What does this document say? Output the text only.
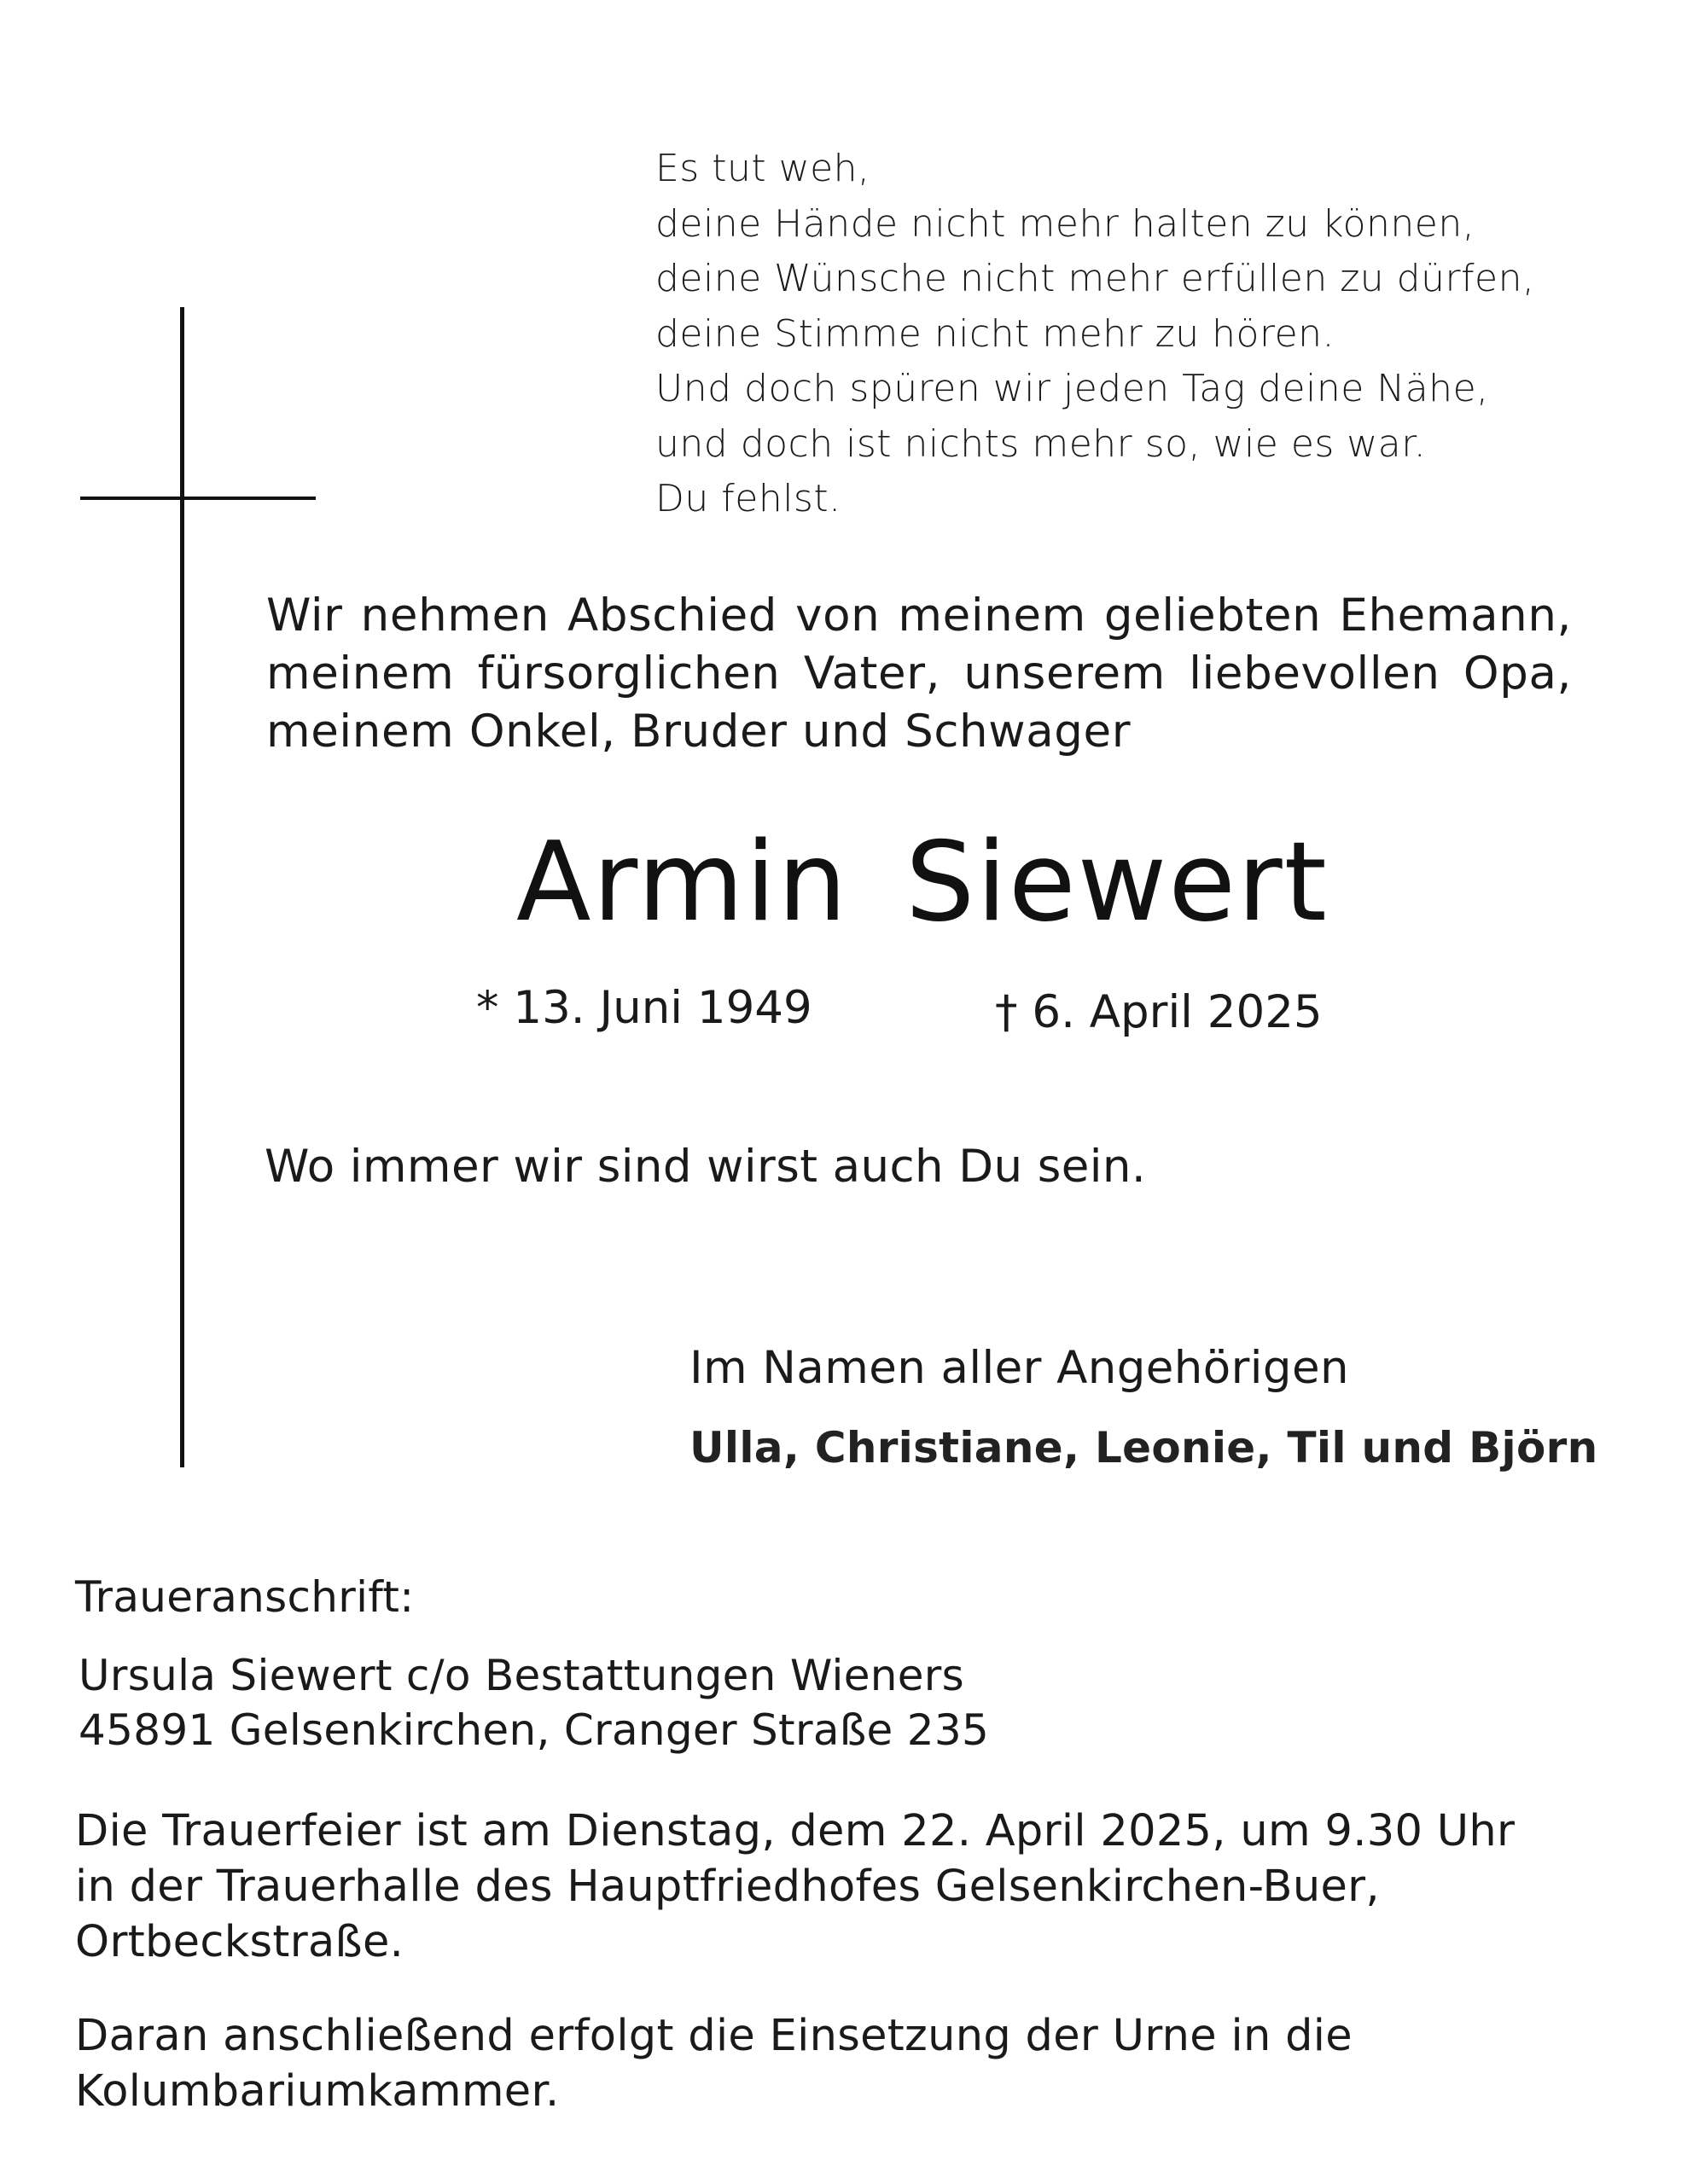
Es tut weh,
deine Hände nicht mehr halten zu können,
deine Wünsche nicht mehr erfüllen zu dürfen,
deine Stimme nicht mehr zu hören.
Und doch spüren wir jeden Tag deine Nähe,
und doch ist nichts mehr so, wie es war.
Du fehlst.
Wir nehmen Abschied von meinem geliebten Ehemann,
meinem fürsorglichen Vater, unserem liebevollen Opa,
meinem Onkel, Bruder und Schwager
Armin Siewert
* 13. Juni 1949	† 6. April 2025
Wo immer wir sind wirst auch Du sein.
Im Namen aller Angehörigen
Ulla, Christiane, Leonie, Til und Björn
Traueranschrift:
Ursula Siewert c/o Bestattungen Wieners
45891 Gelsenkirchen, Cranger Straße 235
Die Trauerfeier ist am Dienstag, dem 22. April 2025, um 9.30 Uhr
in der Trauerhalle des Hauptfriedhofes Gelsenkirchen-Buer,
Ortbeckstraße.
Daran anschließend erfolgt die Einsetzung der Urne in die
Kolumbariumkammer.
